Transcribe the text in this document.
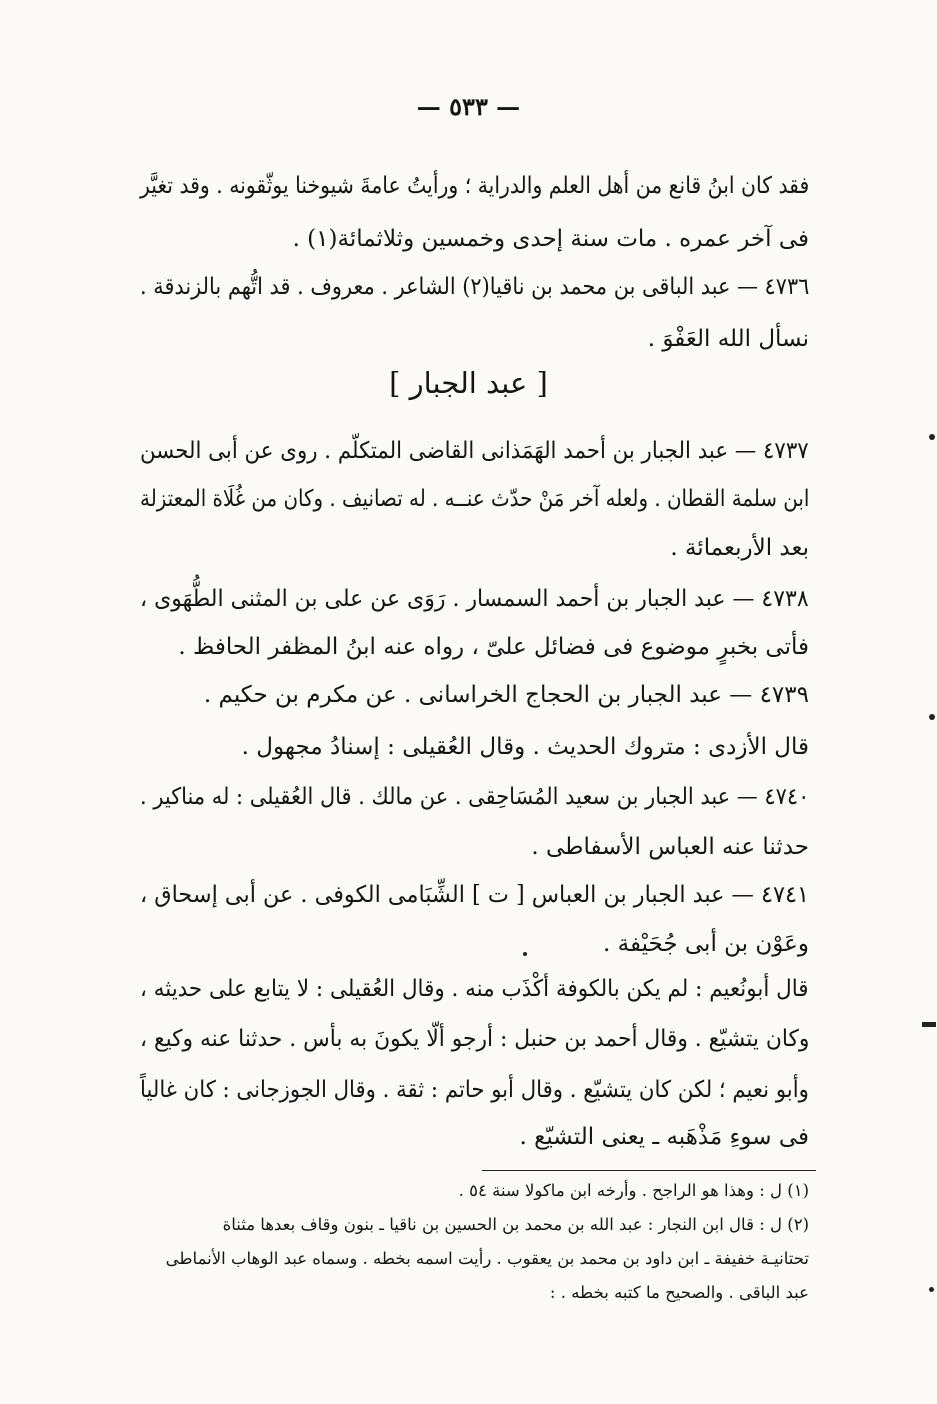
— ٥٣٣ —
فقد كان ابنُ قانع من أهل العلم والدراية ؛ ورأيتُ عامةَ شيوخنا يوثّقونه . وقد تغيَّر
فى آخر عمره . مات سنة إحدى وخمسين وثلاثمائة(١) .
٤٧٣٦ — عبد الباقى بن محمد بن ناقيا(٢) الشاعر . معروف . قد اتُّهم بالزندقة .
نسأل الله العَفْوَ .
[ عبد الجبار ]
٤٧٣٧ — عبد الجبار بن أحمد الهَمَذانى القاضى المتكلّم . روى عن أبى الحسن
ابن سلمة القطان . ولعله آخر مَنْ حدّث عنــه . له تصانيف . وكان من غُلَاة المعتزلة
بعد الأربعمائة .
٤٧٣٨ — عبد الجبار بن أحمد السمسار . رَوَى عن على بن المثنى الطُّهَوى ،
فأتى بخبرٍ موضوع فى فضائل علىّ ، رواه عنه ابنُ المظفر الحافظ .
٤٧٣٩ — عبد الجبار بن الحجاج الخراسانى . عن مكرم بن حكيم .
قال الأزدى : متروك الحديث . وقال العُقيلى : إسنادُ مجهول .
٤٧٤٠ — عبد الجبار بن سعيد المُسَاحِقى . عن مالك . قال العُقيلى : له مناكير .
حدثنا عنه العباس الأسفاطى .
٤٧٤١ — عبد الجبار بن العباس [ ت ] الشِّبَامى الكوفى . عن أبى إسحاق ،
وعَوْن بن أبى جُحَيْفة .
قال أبونُعيم : لم يكن بالكوفة أكْذَب منه . وقال العُقيلى : لا يتابع على حديثه ،
وكان يتشيّع . وقال أحمد بن حنبل : أرجو ألّا يكونَ به بأس . حدثنا عنه وكيع ،
وأبو نعيم ؛ لكن كان يتشيّع . وقال أبو حاتم : ثقة . وقال الجوزجانى : كان غالياً
فى سوءِ مَذْهَبه ـ يعنى التشيّع .
(١) ل : وهذا هو الراجح . وأرخه ابن ماكولا سنة ٥٤ .
(٢) ل : قال ابن النجار : عبد الله بن محمد بن الحسين بن ناقيا ـ بنون وقاف بعدها مثناة
تحتانيـة خفيفة ـ ابن داود بن محمد بن يعقوب . رأيت اسمه بخطه . وسماه عبد الوهاب الأنماطى
عبد الباقى . والصحيح ما كتبه بخطه . :
